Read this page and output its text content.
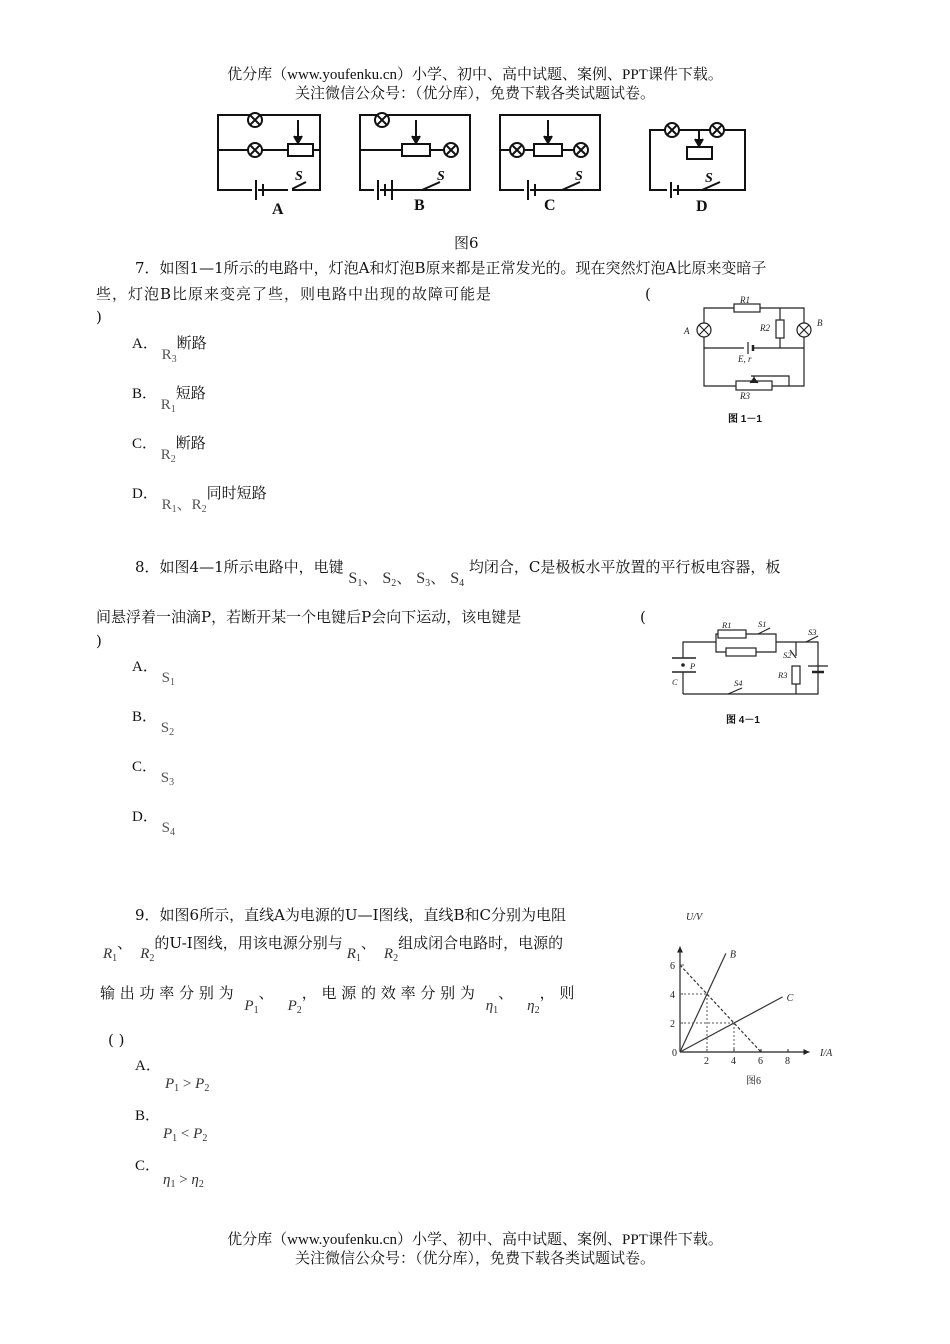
优分库（www.youfenku.cn）小学、初中、高中试题、案例、PPT课件下载。
关注微信公众号：（优分库），免费下载各类试题试卷。
S	S	S	S
A	B	C	D
图6
7．如图1—1所示的电路中，灯泡A和灯泡B原来都是正常发光的。现在突然灯泡A比原来变暗子
些，灯泡B比原来变亮了些，则电路中出现的故障可能是	(
)
A． $R_3$断路
B． $R_1$短路
C． $R_2$断路
D． $R_1$、$R_2$同时短路
R1
R2
A
B
E, r
R3
图 1－1
8．如图4—1所示电路中，电键 $S_1$、 $S_2$、 $S_3$、 $S_4$ 均闭合，C是极板水平放置的平行板电容器，板
间悬浮着一油滴P，若断开某一个电键后P会向下运动，该电键是	(
)
A． $S_1$
B． $S_2$
C． $S_3$
D． $S_4$
R1	S1
S3
S2
R3
P
C	S4
图 4－1
9．如图6所示，直线A为电源的U—I图线，直线B和C分别为电阻
$R_1$、$R_2$的U-I图线，用该电源分别与$R_1$、$R_2$组成闭合电路时，电源的
输 出 功 率 分 别 为 $P_1$、$P_2$， 电 源 的 效 率 分 别 为 $\eta_1$、$\eta_2$， 则
( )
A．
$P_1 > P_2$
B．
$P_1 < P_2$
C．
$\eta_1 > \eta_2$
U/V
I/A
0
图6
2 4 6 8
2
4
6
B
C
优分库（www.youfenku.cn）小学、初中、高中试题、案例、PPT课件下载。
关注微信公众号：（优分库），免费下载各类试题试卷。
